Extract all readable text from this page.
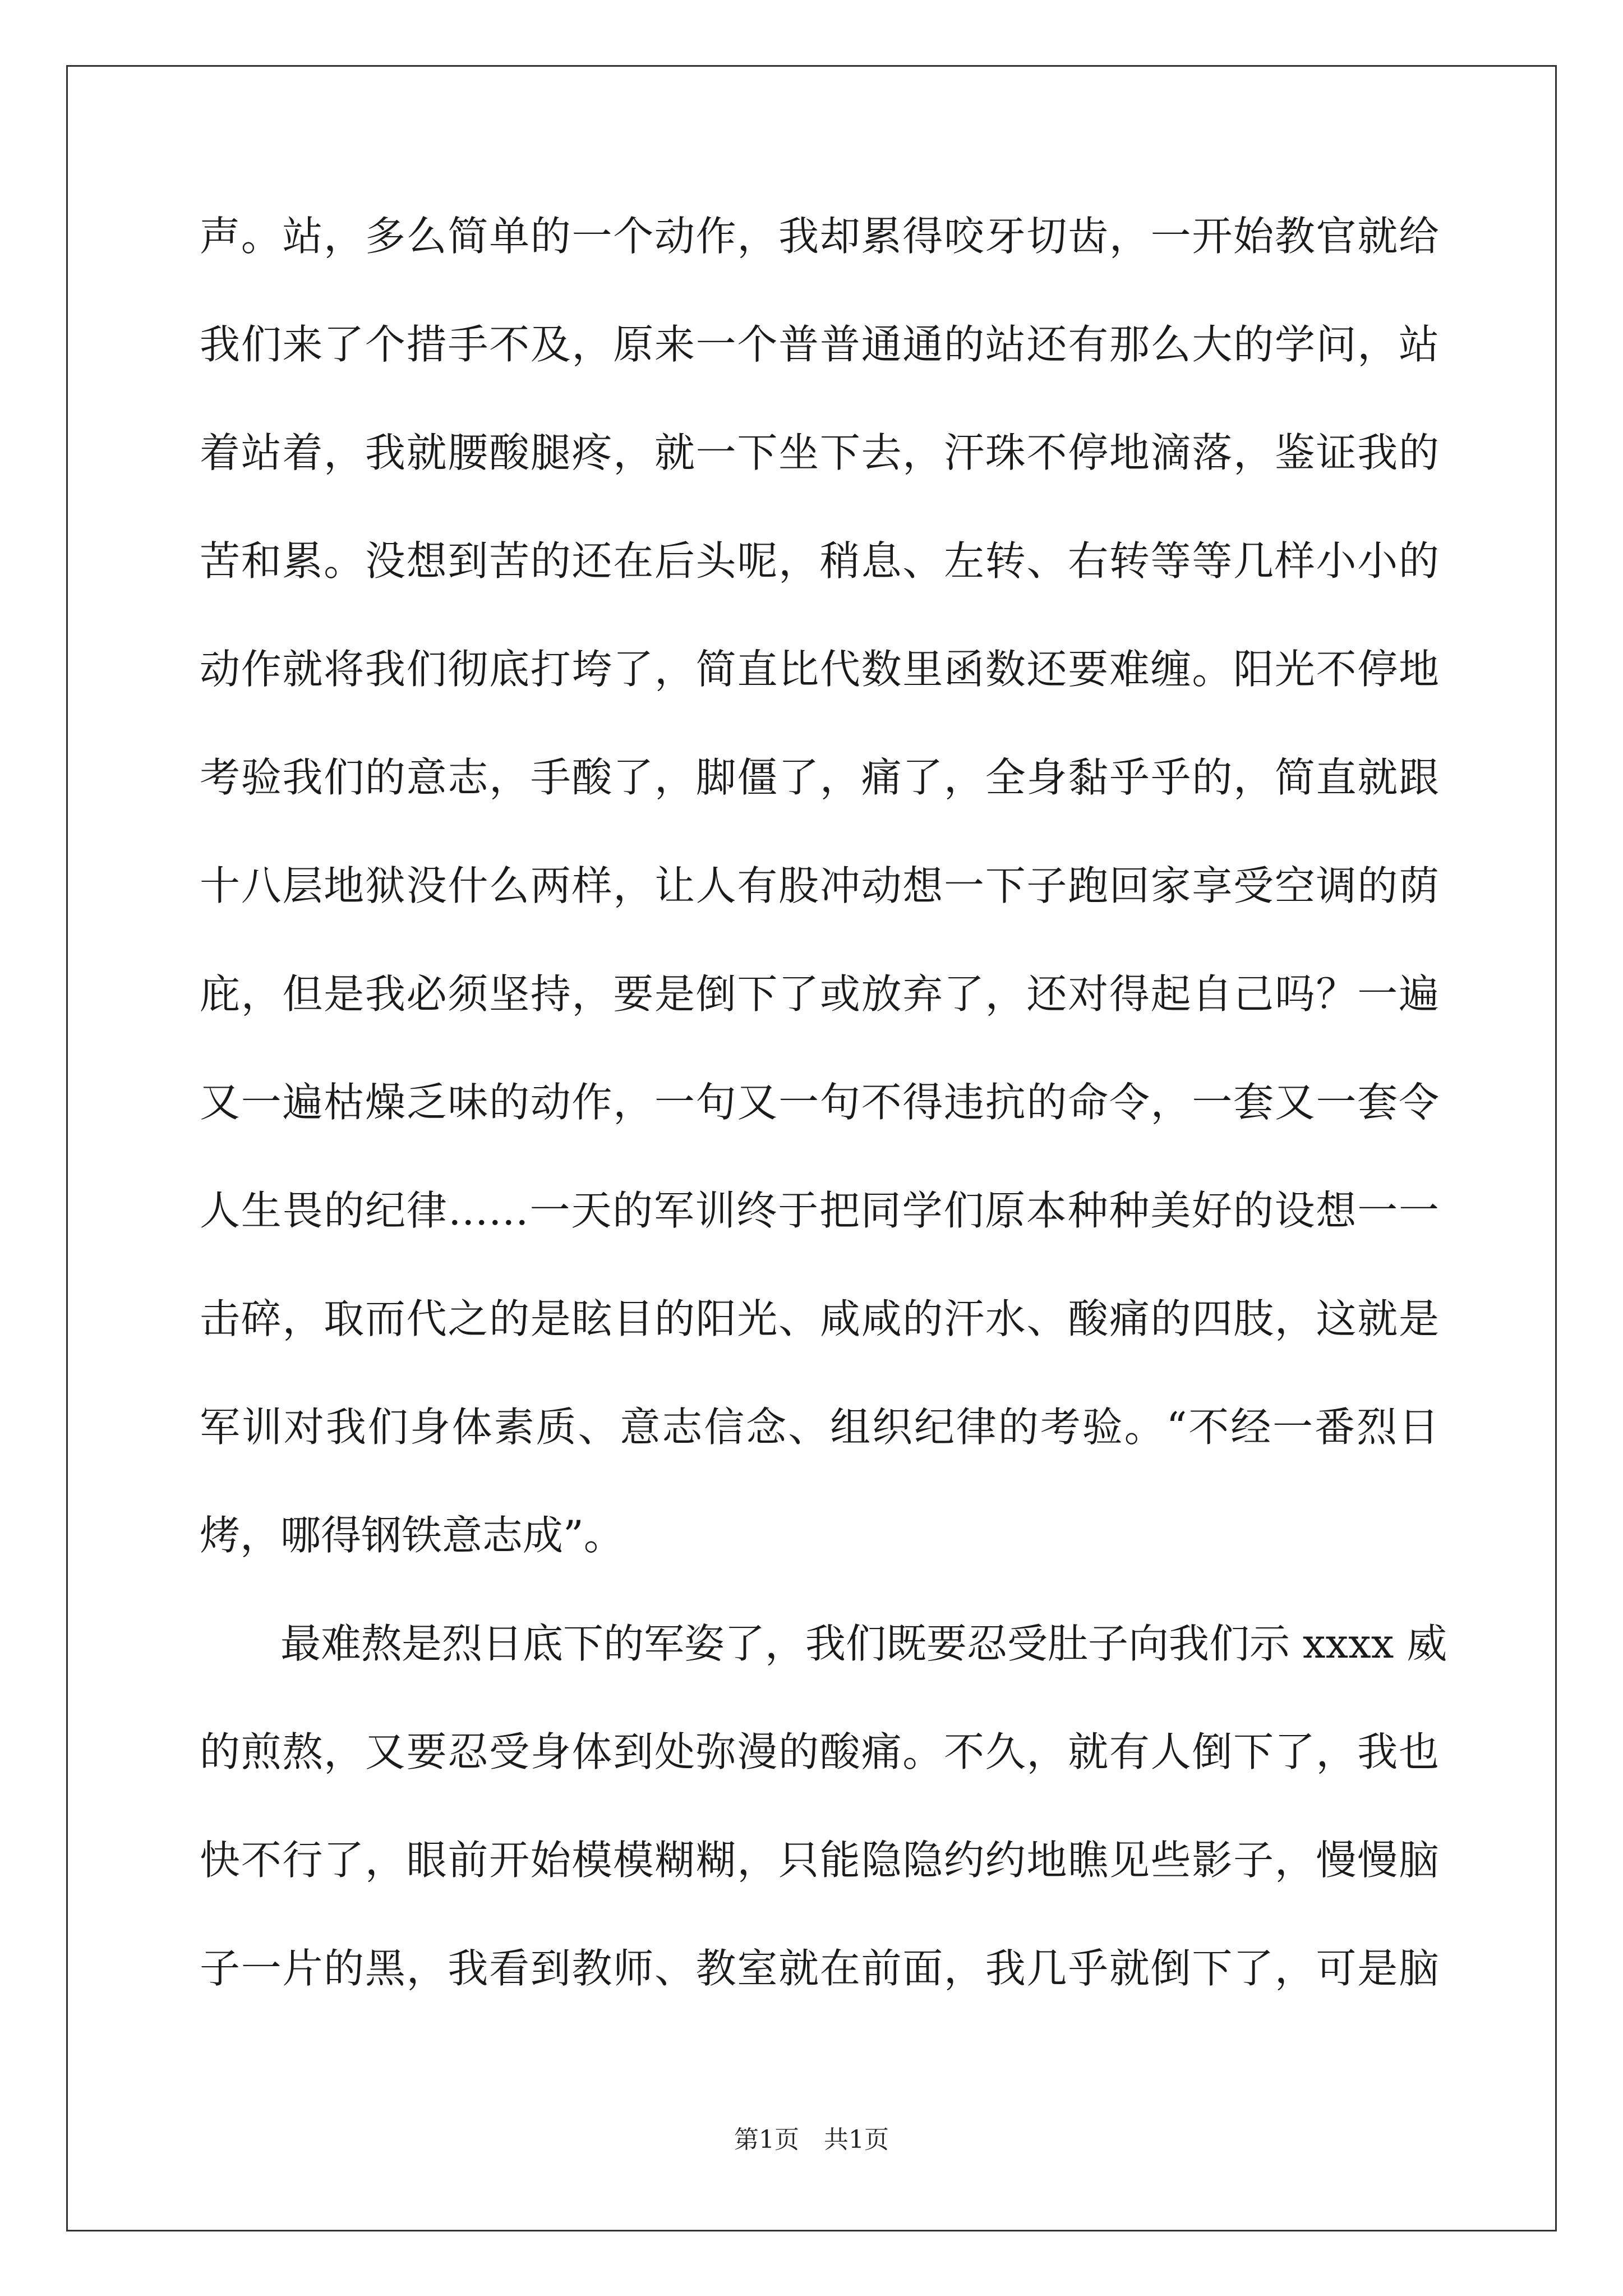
声。站，多么简单的一个动作，我却累得咬牙切齿，一开始教官就给
我们来了个措手不及，原来一个普普通通的站还有那么大的学问，站
着站着，我就腰酸腿疼，就一下坐下去，汗珠不停地滴落，鉴证我的
苦和累。没想到苦的还在后头呢，稍息、左转、右转等等几样小小的
动作就将我们彻底打垮了，简直比代数里函数还要难缠。阳光不停地
考验我们的意志，手酸了，脚僵了，痛了，全身黏乎乎的，简直就跟
十八层地狱没什么两样，让人有股冲动想一下子跑回家享受空调的荫
庇，但是我必须坚持，要是倒下了或放弃了，还对得起自己吗？一遍
又一遍枯燥乏味的动作，一句又一句不得违抗的命令，一套又一套令
人生畏的纪律……一天的军训终于把同学们原本种种美好的设想一一
击碎，取而代之的是眩目的阳光、咸咸的汗水、酸痛的四肢，这就是
军训对我们身体素质、意志信念、组织纪律的考验。“不经一番烈日
烤，哪得钢铁意志成”。
最难熬是烈日底下的军姿了，我们既要忍受肚子向我们示 xxxx 威
的煎熬，又要忍受身体到处弥漫的酸痛。不久，就有人倒下了，我也
快不行了，眼前开始模模糊糊，只能隐隐约约地瞧见些影子，慢慢脑
子一片的黑，我看到教师、教室就在前面，我几乎就倒下了，可是脑
第1页　共1页
